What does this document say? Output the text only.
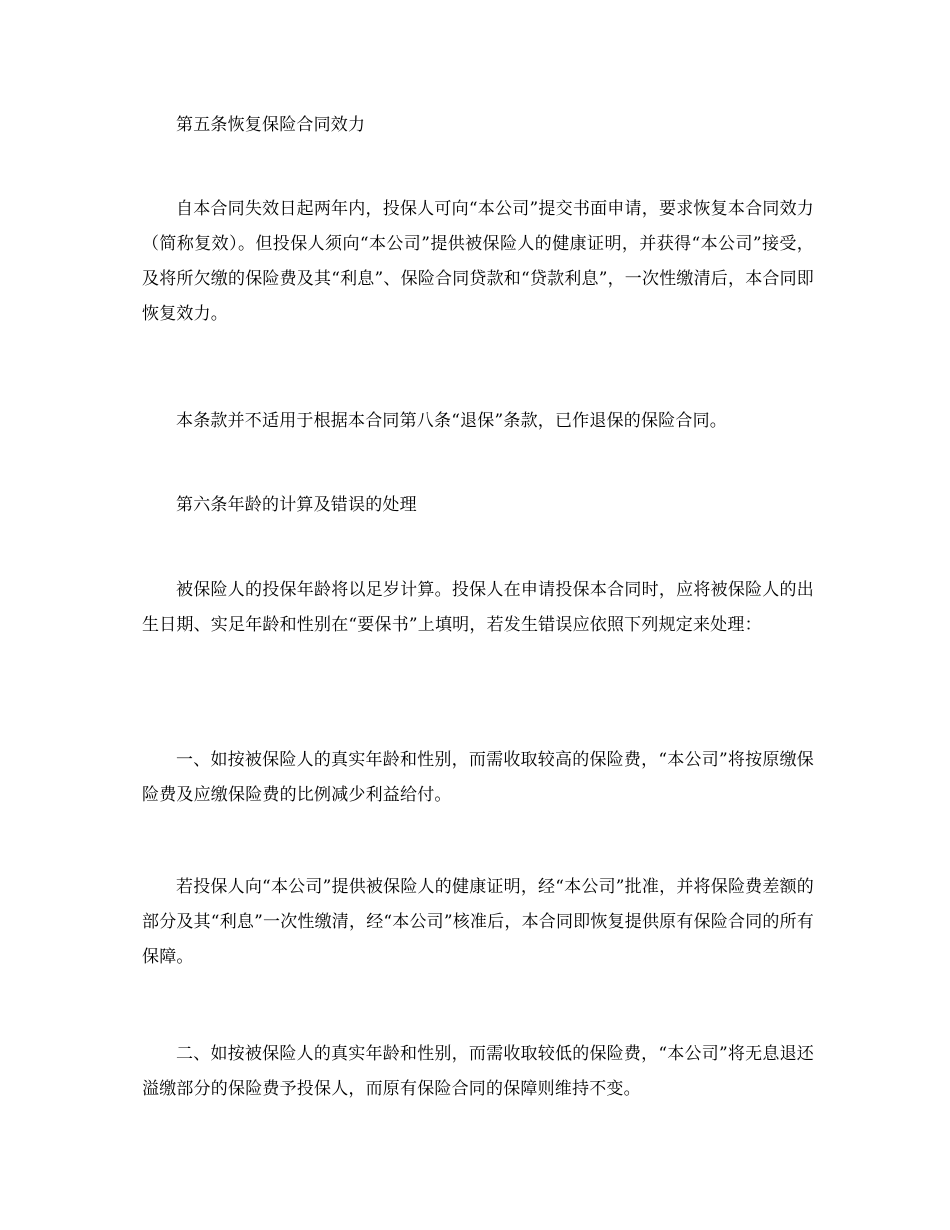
第五条恢复保险合同效力

自本合同失效日起两年内，投保人可向“本公司”提交书面申请，要求恢复本合同效力（简称复效）。但投保人须向“本公司”提供被保险人的健康证明，并获得“本公司”接受，及将所欠缴的保险费及其“利息”、保险合同贷款和“贷款利息”，一次性缴清后，本合同即恢复效力。

本条款并不适用于根据本合同第八条“退保”条款，已作退保的保险合同。

第六条年龄的计算及错误的处理

被保险人的投保年龄将以足岁计算。投保人在申请投保本合同时，应将被保险人的出生日期、实足年龄和性别在“要保书”上填明，若发生错误应依照下列规定来处理：

一、如按被保险人的真实年龄和性别，而需收取较高的保险费，“本公司”将按原缴保险费及应缴保险费的比例减少利益给付。

若投保人向“本公司”提供被保险人的健康证明，经“本公司”批准，并将保险费差额的部分及其“利息”一次性缴清，经“本公司”核准后，本合同即恢复提供原有保险合同的所有保障。

二、如按被保险人的真实年龄和性别，而需收取较低的保险费，“本公司”将无息退还溢缴部分的保险费予投保人，而原有保险合同的保障则维持不变。
